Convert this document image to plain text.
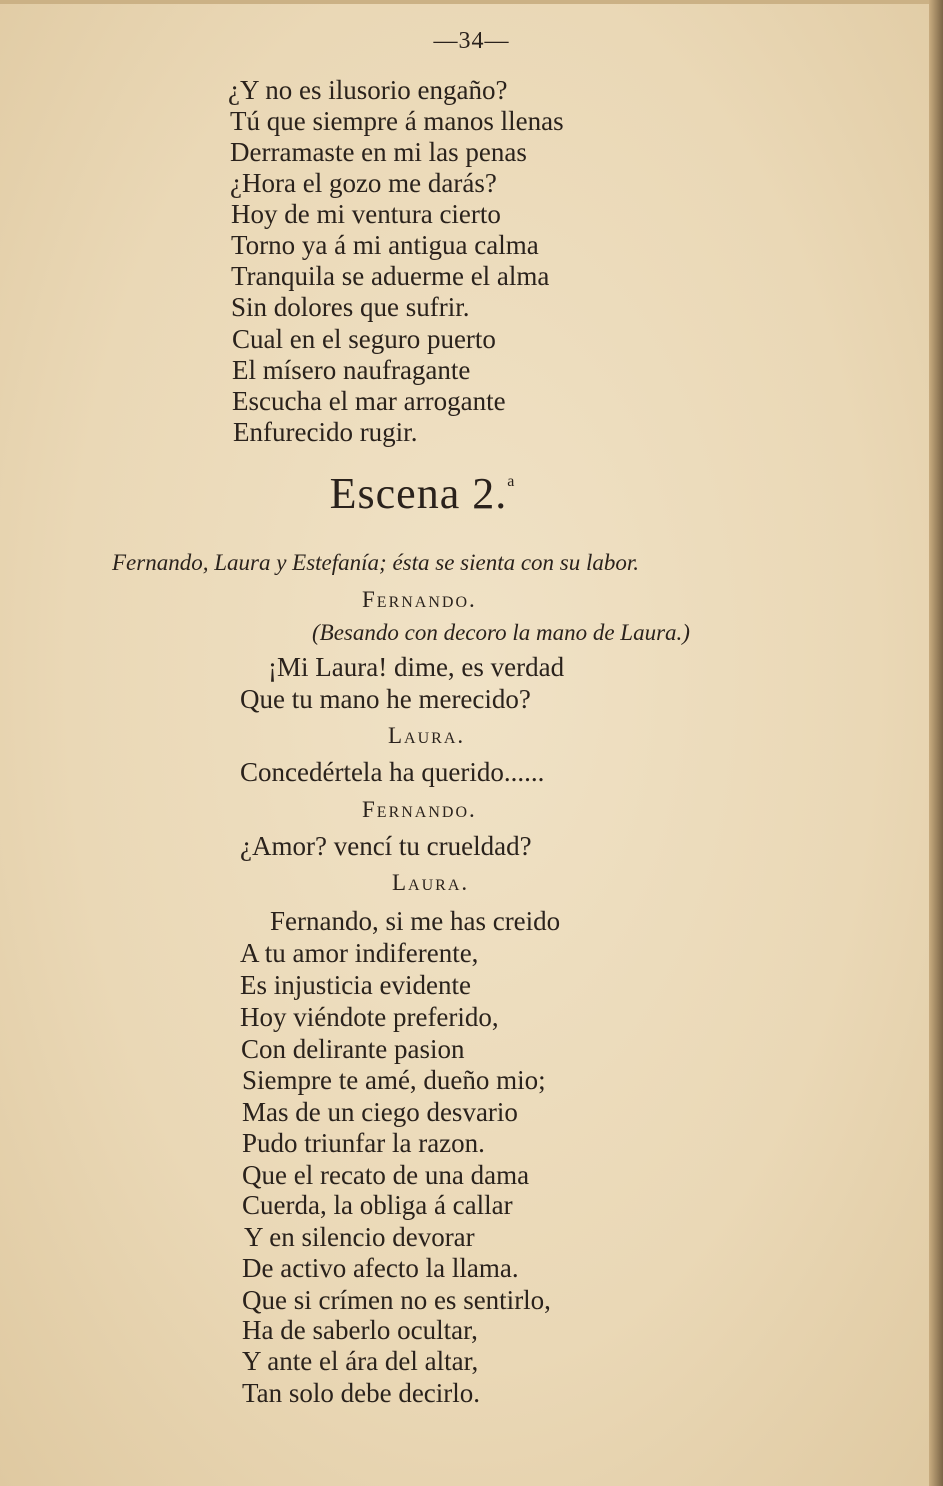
—34—
¿Y no es ilusorio engaño?
Tú que siempre á manos llenas
Derramaste en mi las penas
¿Hora el gozo me darás?
Hoy de mi ventura cierto
Torno ya á mi antigua calma
Tranquila se aduerme el alma
Sin dolores que sufrir.
Cual en el seguro puerto
El mísero naufragante
Escucha el mar arrogante
Enfurecido rugir.
Escena 2.$^a$
Fernando, Laura y Estefanía; ésta se sienta con su labor.
Fernando.
(Besando con decoro la mano de Laura.)
¡Mi Laura! dime, es verdad
Que tu mano he merecido?
Laura.
Concedértela ha querido......
Fernando.
¿Amor? vencí tu crueldad?
Laura.
Fernando, si me has creido
A tu amor indiferente,
Es injusticia evidente
Hoy viéndote preferido,
Con delirante pasion
Siempre te amé, dueño mio;
Mas de un ciego desvario
Pudo triunfar la razon.
Que el recato de una dama
Cuerda, la obliga á callar
Y en silencio devorar
De activo afecto la llama.
Que si crímen no es sentirlo,
Ha de saberlo ocultar,
Y ante el ára del altar,
Tan solo debe decirlo.
